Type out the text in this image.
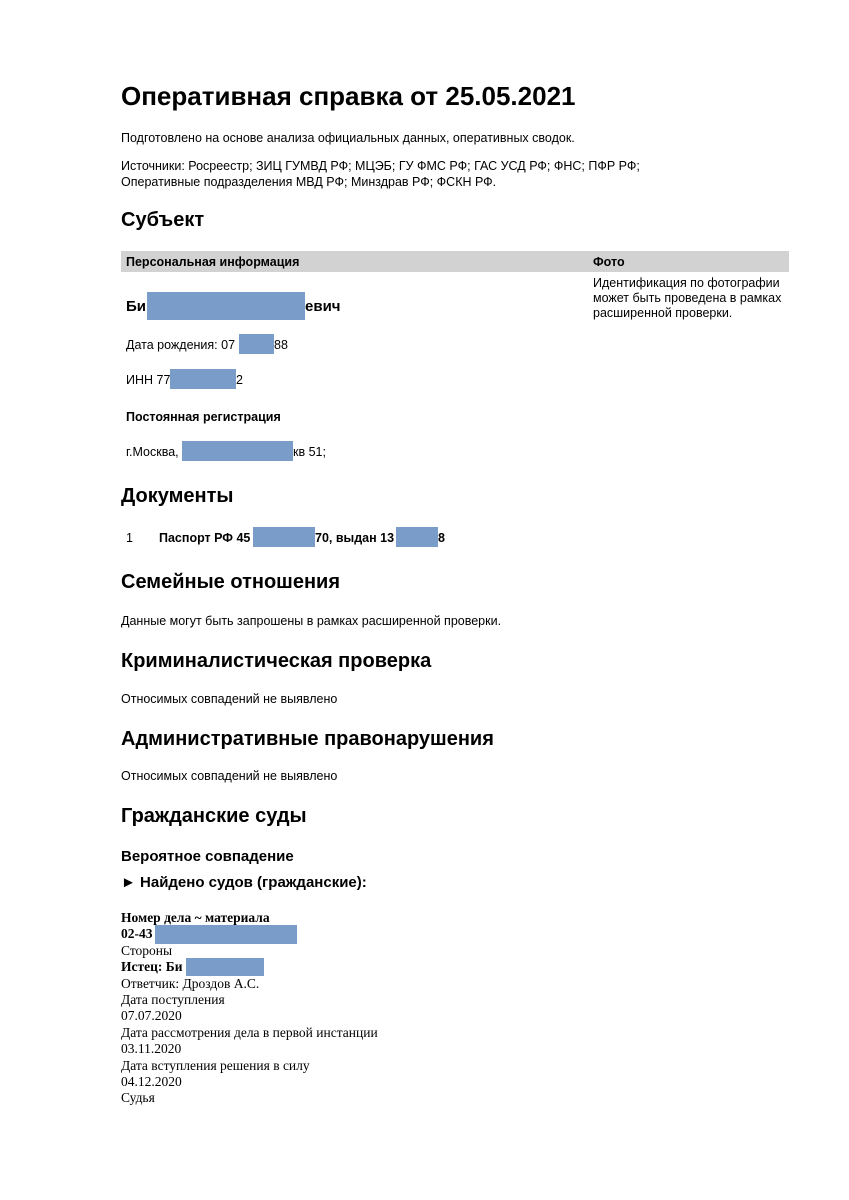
Оперативная справка от 25.05.2021
Подготовлено на основе анализа официальных данных, оперативных сводок.
Источники: Росреестр; ЗИЦ ГУМВД РФ; МЦЭБ; ГУ ФМС РФ; ГАС УСД РФ; ФНС; ПФР РФ;
Оперативные подразделения МВД РФ; Минздрав РФ; ФСКН РФ.
Субъект
Персональная информация	Фото
Би	евич
Дата рождения: 07	88
ИНН 77	2
Постоянная регистрация
г.Москва,	кв 51;
Идентификация по фотографии может быть проведена в рамках расширенной проверки.
Документы
1 Паспорт РФ 45	70, выдан 13	8
Семейные отношения
Данные могут быть запрошены в рамках расширенной проверки.
Криминалистическая проверка
Относимых совпадений не выявлено
Административные правонарушения
Относимых совпадений не выявлено
Гражданские суды
Вероятное совпадение
► Найдено судов (гражданские):
Номер дела ~ материала
02-43
Стороны
Истец: Би
Ответчик: Дроздов А.С.
Дата поступления
07.07.2020
Дата рассмотрения дела в первой инстанции
03.11.2020
Дата вступления решения в силу
04.12.2020
Судья
